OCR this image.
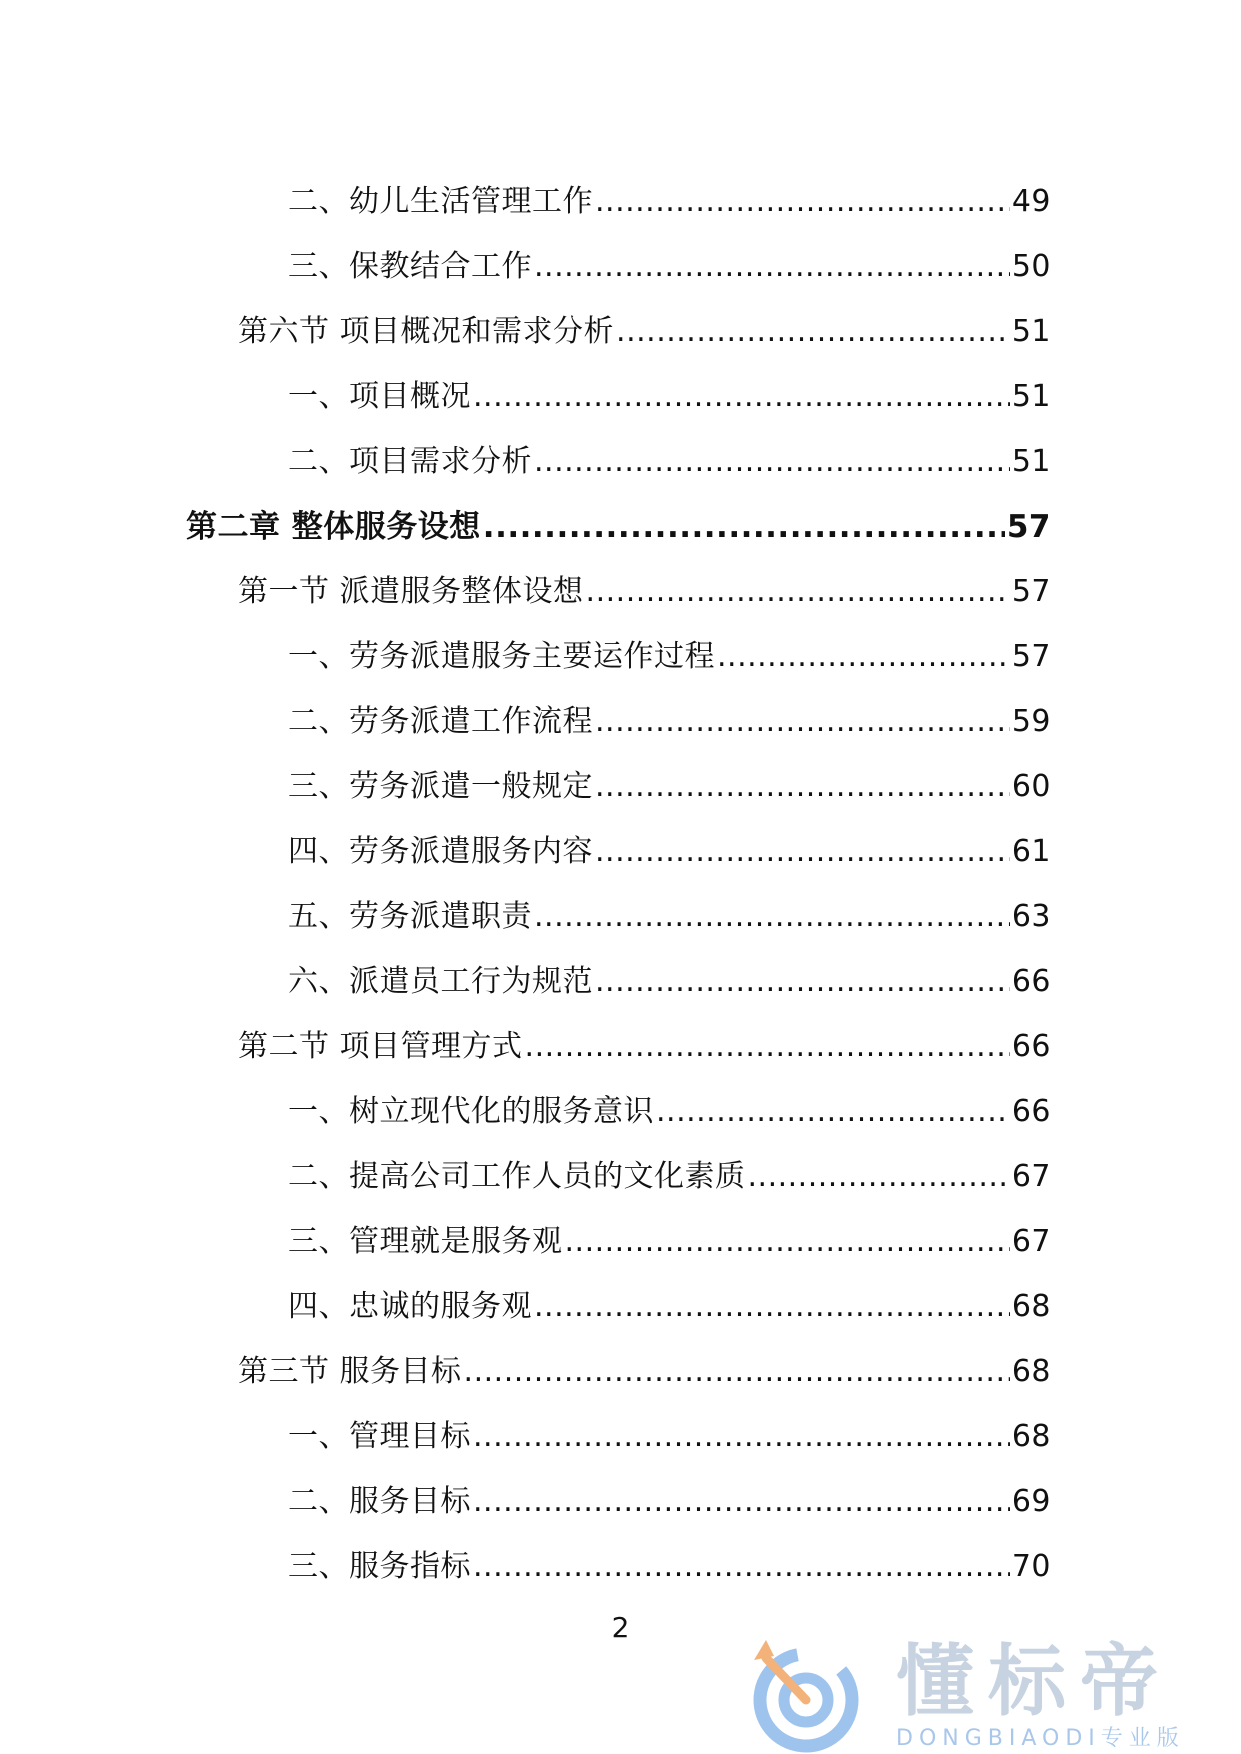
二、幼儿生活管理工作 .....	49
三、保教结合工作 .....	50
第六节 项目概况和需求分析 .....	51
一、项目概况 .....	51
二、项目需求分析 .....	51
第二章 整体服务设想 .....	57
第一节 派遣服务整体设想 .....	57
一、劳务派遣服务主要运作过程 .....	57
二、劳务派遣工作流程 .....	59
三、劳务派遣一般规定 .....	60
四、劳务派遣服务内容 .....	61
五、劳务派遣职责 .....	63
六、派遣员工行为规范 .....	66
第二节 项目管理方式 .....	66
一、树立现代化的服务意识 .....	66
二、提高公司工作人员的文化素质 .....	67
三、管理就是服务观 .....	67
四、忠诚的服务观 .....	68
第三节 服务目标 .....	68
一、管理目标 .....	68
二、服务目标 .....	69
三、服务指标 .....	70
2
懂标帝
DONGBIAODI专业版
